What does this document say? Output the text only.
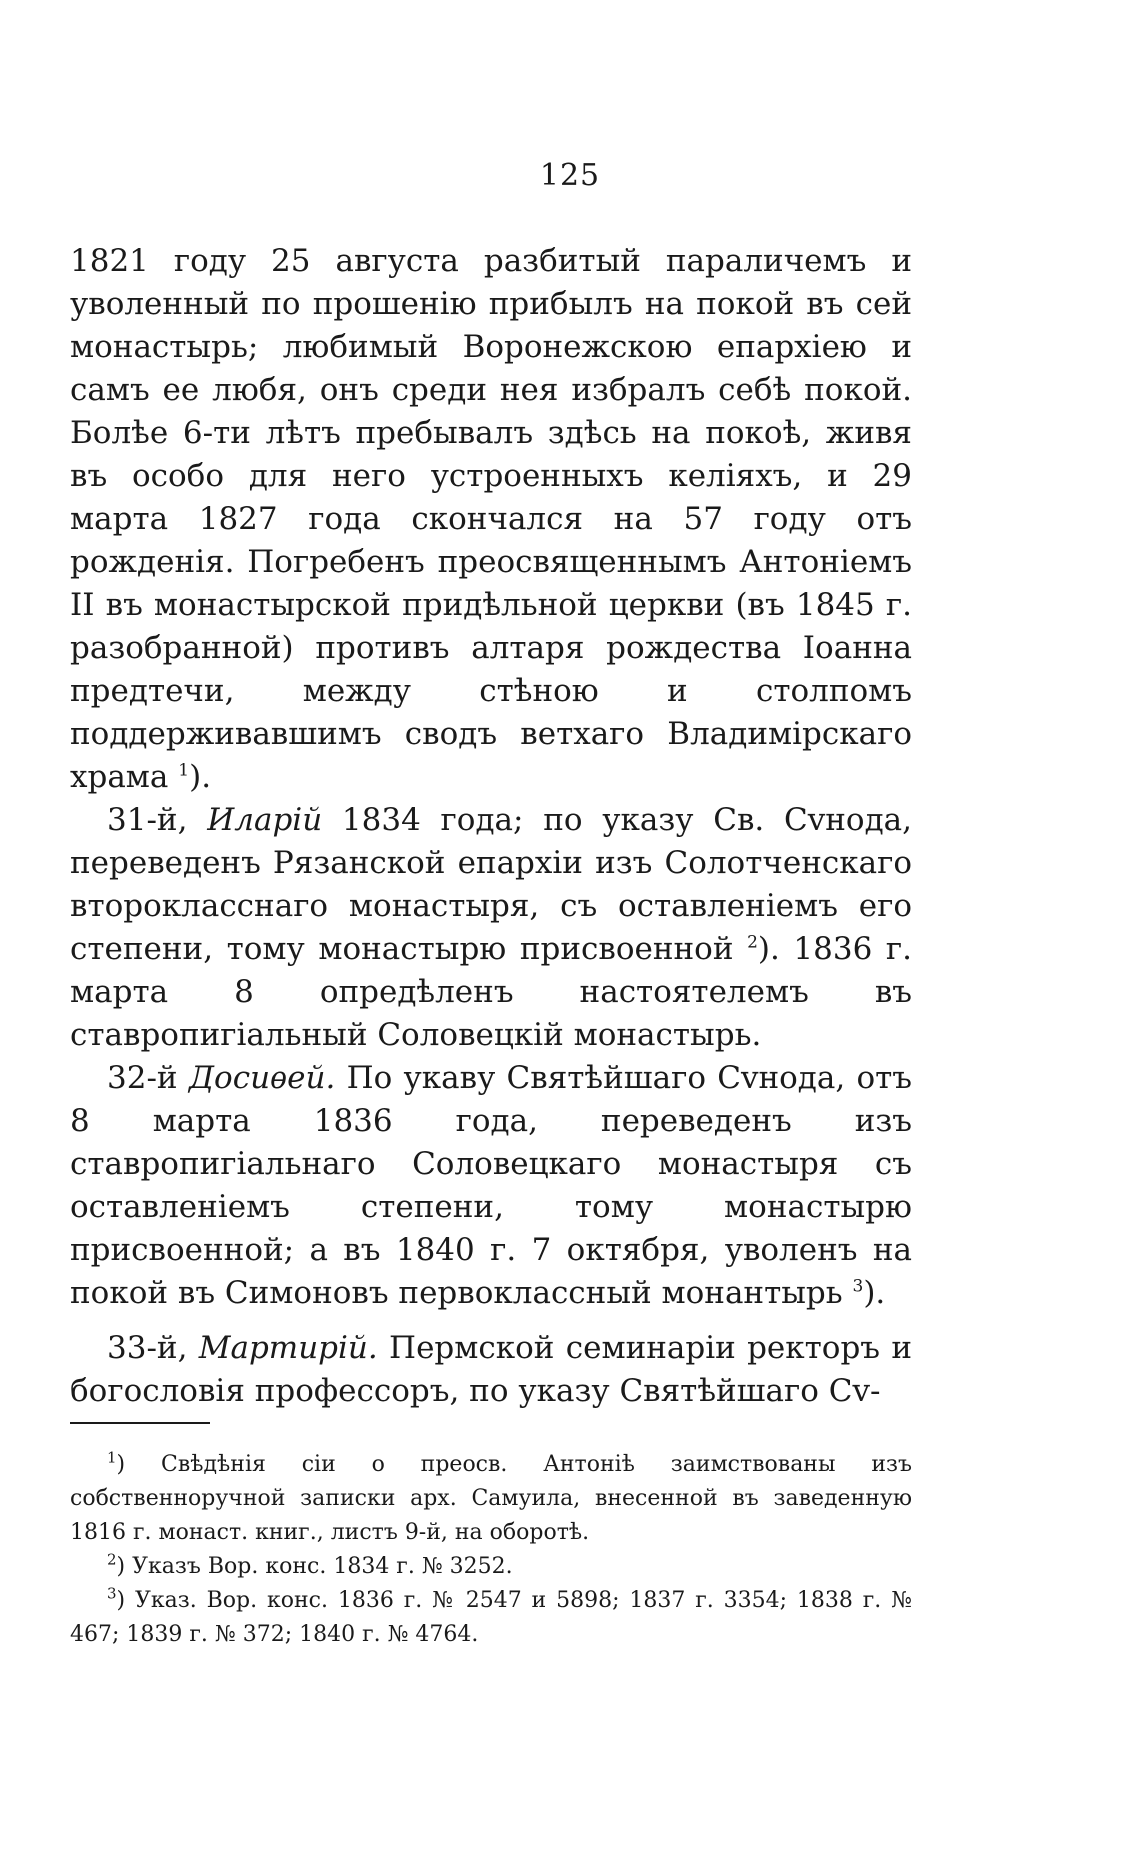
125

1821 году 25 августа разбитый параличемъ и уволенный по прошенію прибылъ на покой въ сей монастырь; любимый Воронежскою епархіею и самъ ее любя, онъ среди нея избралъ себѣ покой. Болѣе 6-ти лѣтъ пребывалъ здѣсь на покоѣ, живя въ особо для него устроенныхъ келіяхъ, и 29 марта 1827 года скончался на 57 году отъ рожденія. Погребенъ преосвященнымъ Антоніемъ II въ монастырской придѣльной церкви (въ 1845 г. разобранной) противъ алтаря рождества Іоанна предтечи, между стѣною и столпомъ поддерживавшимъ сводъ ветхаго Владимірскаго храма $^1$).

31-й, Иларій 1834 года; по указу Св. Сvнода, переведенъ Рязанской епархіи изъ Солотченскаго второкласснаго монастыря, съ оставленіемъ его степени, тому монастырю присвоенной $^2$). 1836 г. марта 8 опредѣленъ настоятелемъ въ ставропигіальный Соловецкій монастырь.

32-й Досиѳей. По укаву Святѣйшаго Сvнода, отъ 8 марта 1836 года, переведенъ изъ ставропигіальнаго Соловецкаго монастыря съ оставленіемъ степени, тому монастырю присвоенной; а въ 1840 г. 7 октября, уволенъ на покой въ Симоновъ первоклассный монантырь $^3$).

33-й, Мартирій. Пермской семинаріи ректоръ и богословія профессоръ, по указу Святѣйшаго Сv-

$^1$) Свѣдѣнія сіи о преосв. Антоніѣ заимствованы изъ собственноручной записки арх. Самуила, внесенной въ заведенную 1816 г. монаст. книг., листъ 9-й, на оборотѣ.

$^2$) Указъ Вор. конс. 1834 г. № 3252.

$^3$) Указ. Вор. конс. 1836 г. № 2547 и 5898; 1837 г. 3354; 1838 г. № 467; 1839 г. № 372; 1840 г. № 4764.
